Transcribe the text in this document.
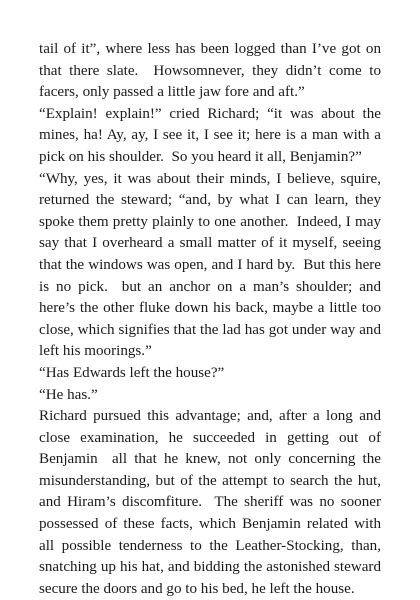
tail of it”, where less has been logged than I’ve got on that there slate.  Howsomnever, they didn’t come to facers, only passed a little jaw fore and aft.”

“Explain! explain!” cried Richard; “it was about the mines, ha! Ay, ay, I see it, I see it; here is a man with a pick on his shoulder.  So you heard it all, Benjamin?”

“Why, yes, it was about their minds, I believe, squire, returned the steward; “and, by what I can learn, they spoke them pretty plainly to one another.  Indeed, I may say that I overheard a small matter of it myself, seeing that the windows was open, and I hard by.  But this here is no pick.  but an anchor on a man’s shoulder; and here’s the other fluke down his back, maybe a little too close, which signifies that the lad has got under way and left his moorings.”

“Has Edwards left the house?”

“He has.”

Richard pursued this advantage; and, after a long and close examination, he succeeded in getting out of Benjamin  all that he knew, not only concerning the misunderstanding, but of the attempt to search the hut, and Hiram’s discomfiture.  The sheriff was no sooner possessed of these facts, which Benjamin related with all possible tenderness to the Leather-Stocking, than, snatching up his hat, and bidding the astonished steward secure the doors and go to his bed, he left the house.
